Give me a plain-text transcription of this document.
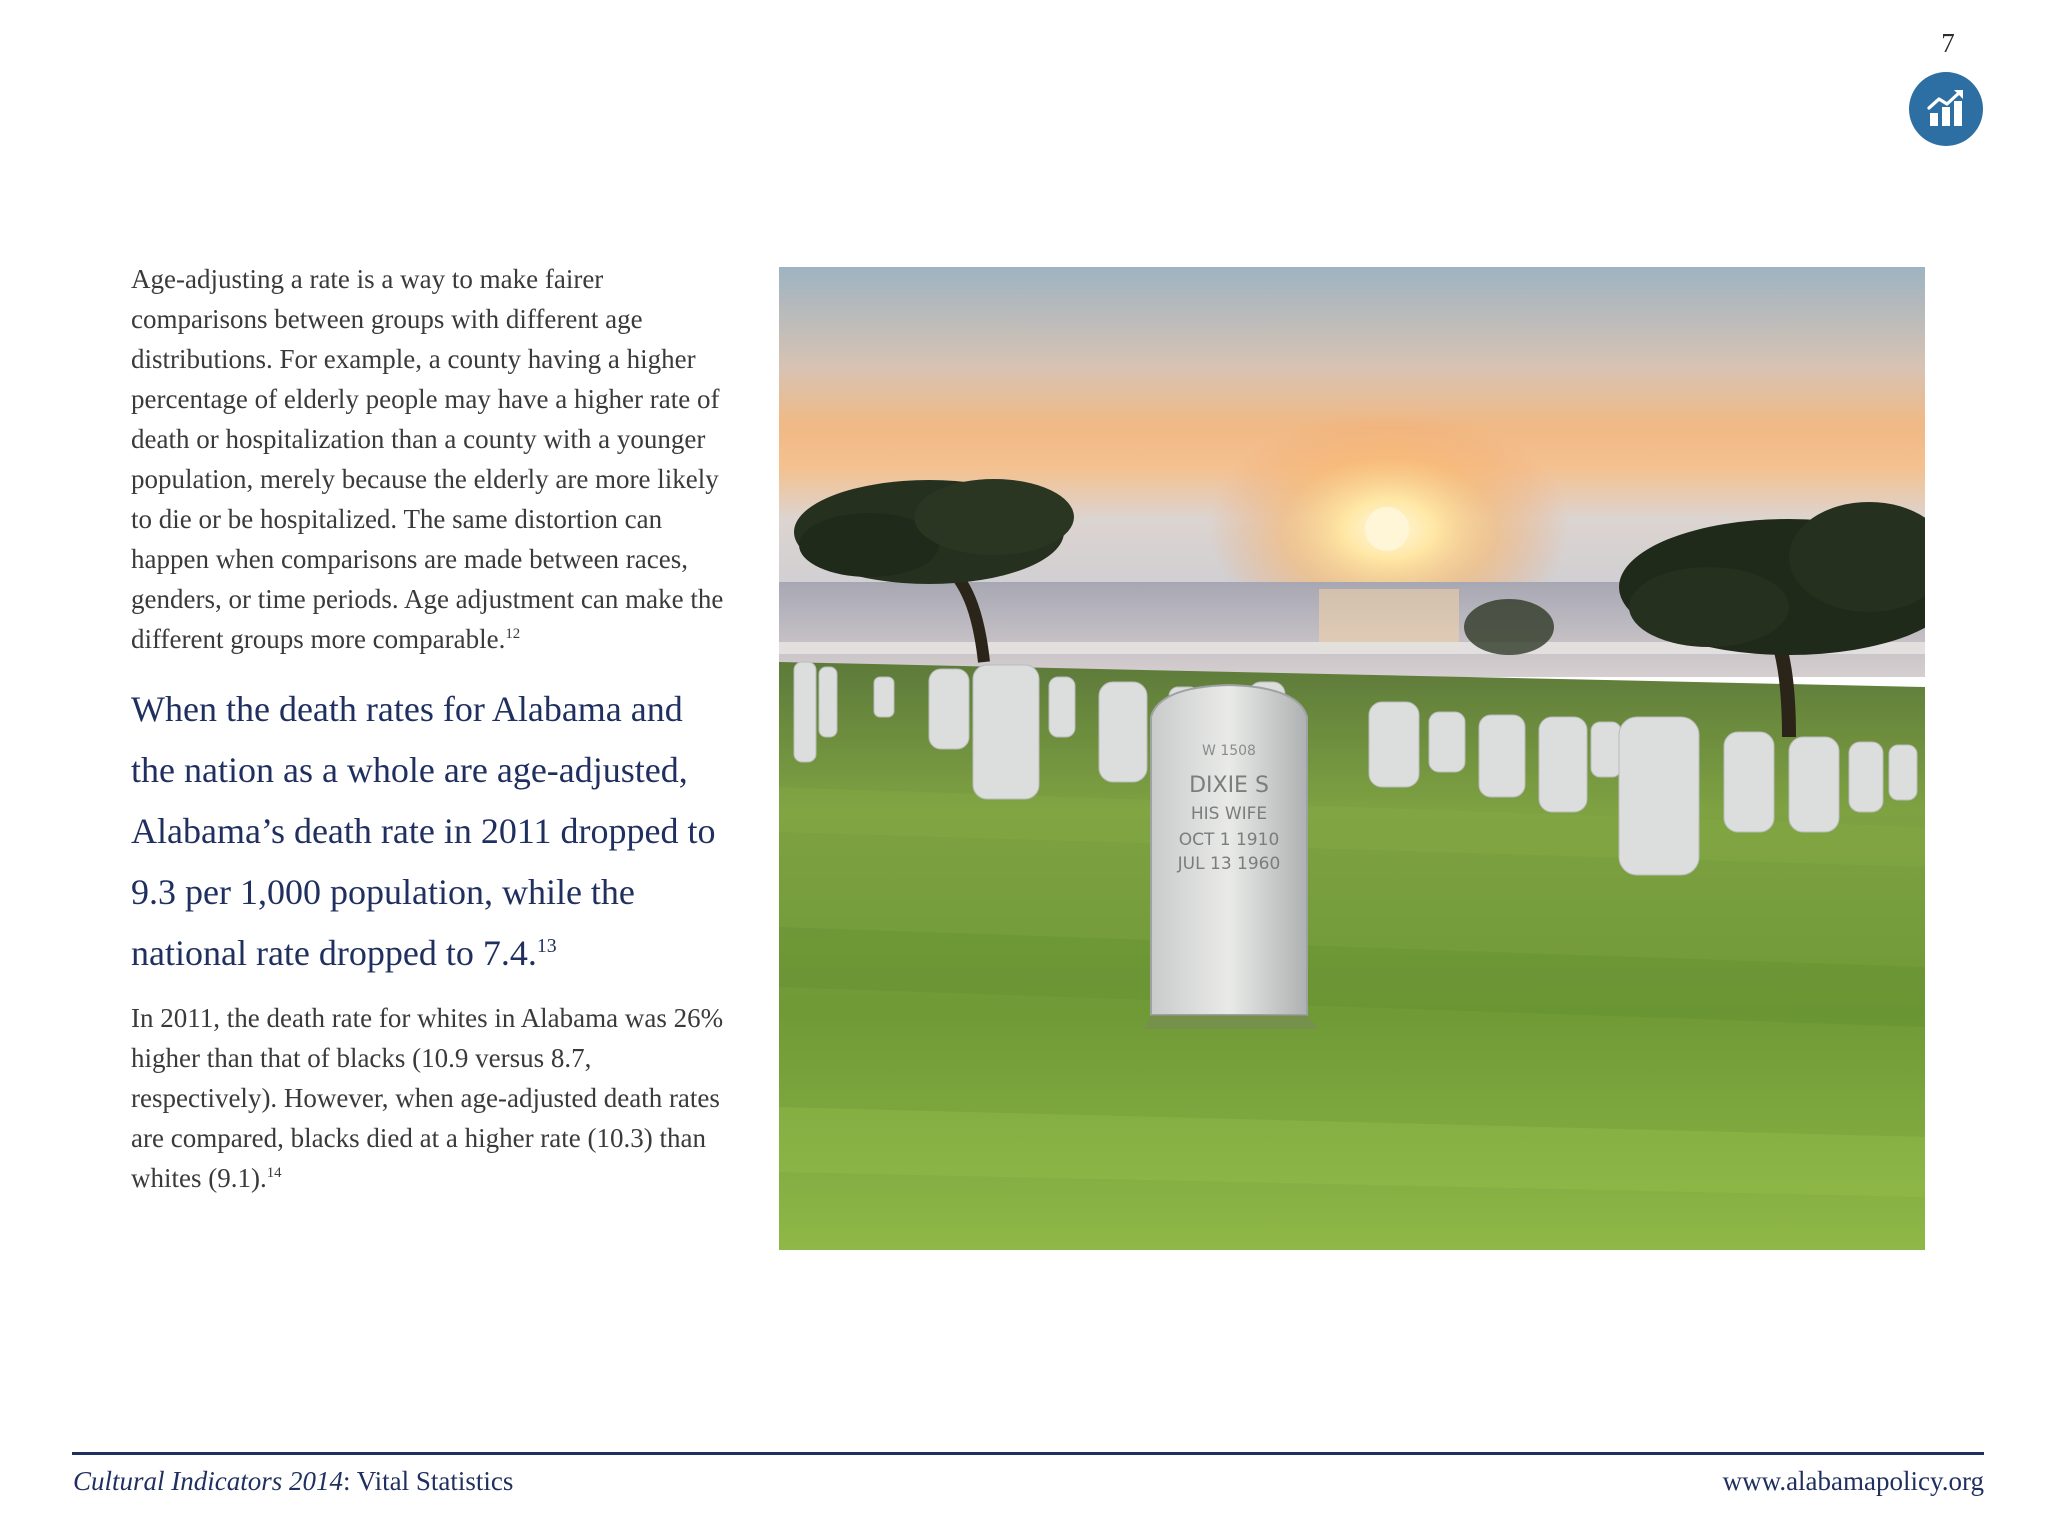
7

Age-adjusting a rate is a way to make fairer comparisons between groups with different age distributions. For example, a county having a higher percentage of elderly people may have a higher rate of death or hospitalization than a county with a younger population, merely because the elderly are more likely to die or be hospitalized. The same distortion can happen when comparisons are made between races, genders, or time periods. Age adjustment can make the different groups more comparable.$^{12}$

When the death rates for Alabama and the nation as a whole are age-adjusted, Alabama’s death rate in 2011 dropped to 9.3 per 1,000 population, while the national rate dropped to 7.4.13

In 2011, the death rate for whites in Alabama was 26% higher than that of blacks (10.9 versus 8.7, respectively). However, when age-adjusted death rates are compared, blacks died at a higher rate (10.3) than whites (9.1).$^{14}$

W 1508
DIXIE S
HIS WIFE
OCT 1 1910
JUL 13 1960
Cultural Indicators 2014: Vital Statistics	www.alabamapolicy.org
